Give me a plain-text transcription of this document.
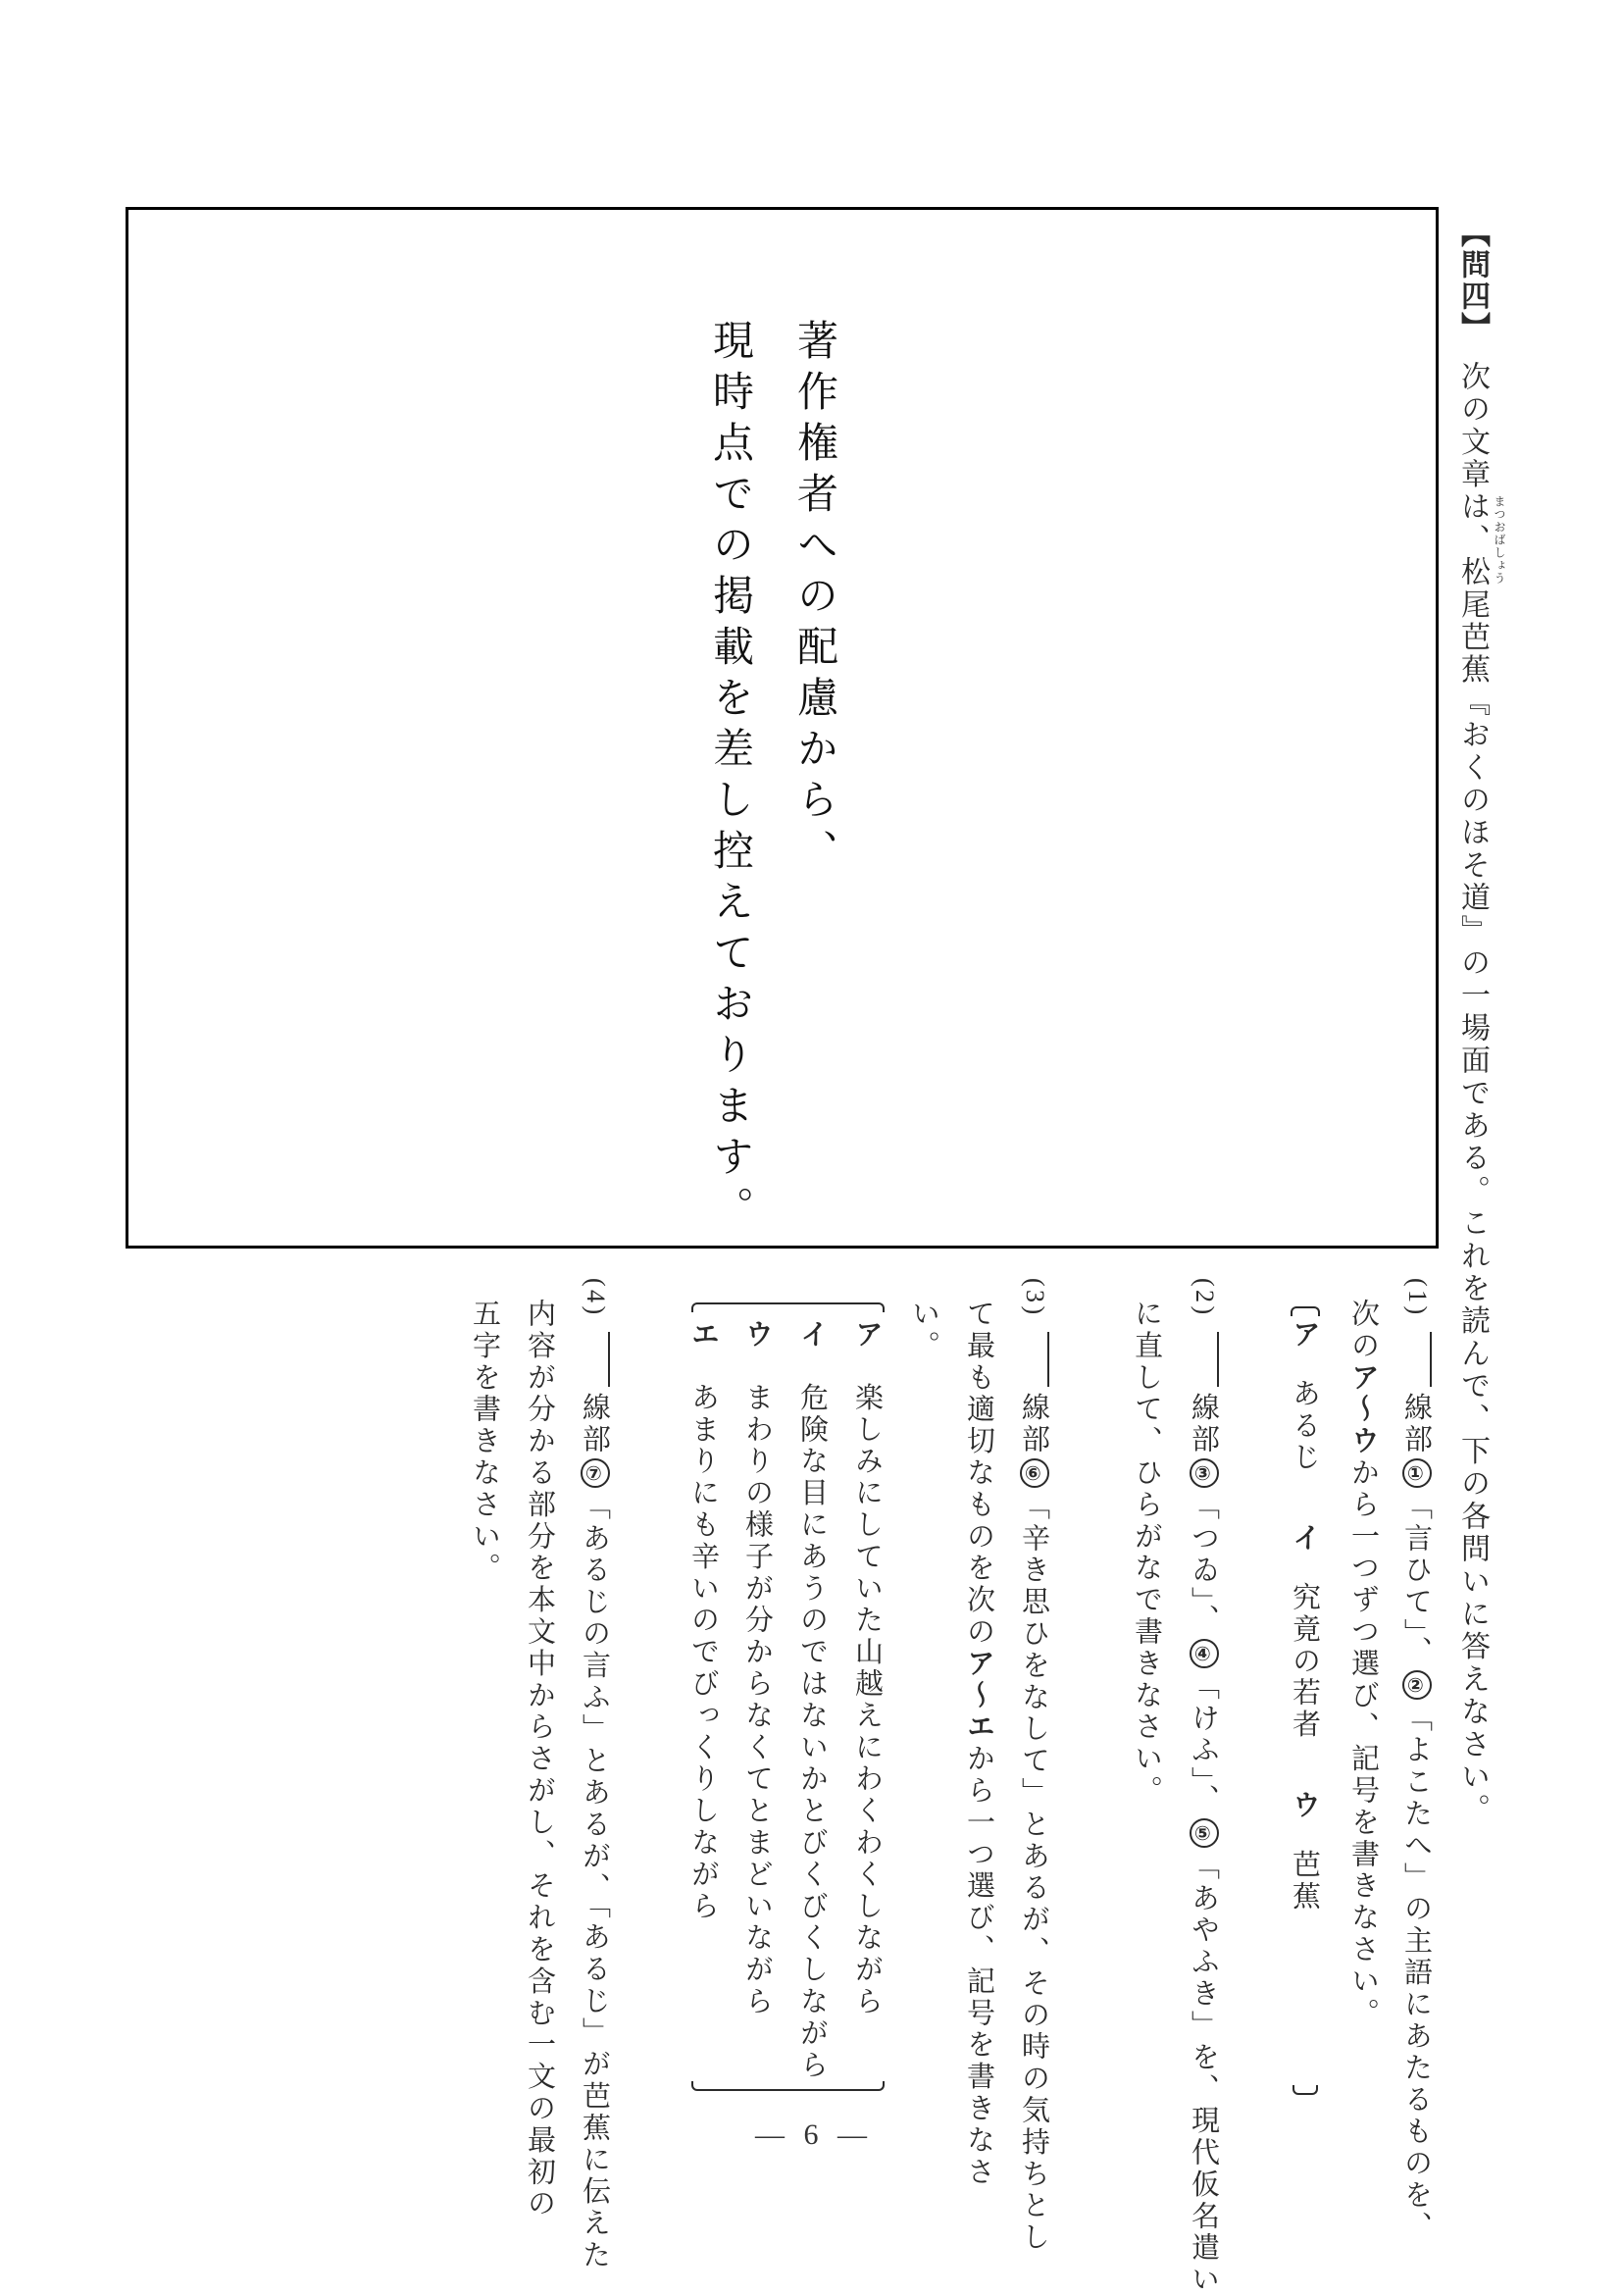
【問四】次の文章は、松尾芭蕉『おくのほそ道』の一場面である。これを読んで、下の各問いに答えなさい。
まつおばしょう
著作権者への配慮から、
現時点での掲載を差し控えております。
(1)線部①「言ひて」、②「よこたへ」の主語にあたるものを、
次のア〜ウから一つずつ選び、記号を書きなさい。
アあるじイ究竟の若者ウ芭蕉
(2)線部③「つゐ」、④「けふ」、⑤「あやふき」を、現代仮名遣い
に直して、ひらがなで書きなさい。
(3)線部⑥「辛き思ひをなして」とあるが、その時の気持ちとし
て最も適切なものを次のア〜エから一つ選び、記号を書きなさ
い。
ア楽しみにしていた山越えにわくわくしながら
イ危険な目にあうのではないかとびくびくしながら
ウまわりの様子が分からなくてとまどいながら
エあまりにも辛いのでびっくりしながら
(4)線部⑦「あるじの言ふ」とあるが、「あるじ」が芭蕉に伝えた
内容が分かる部分を本文中からさがし、それを含む一文の最初の
五字を書きなさい。
― 6 ―
